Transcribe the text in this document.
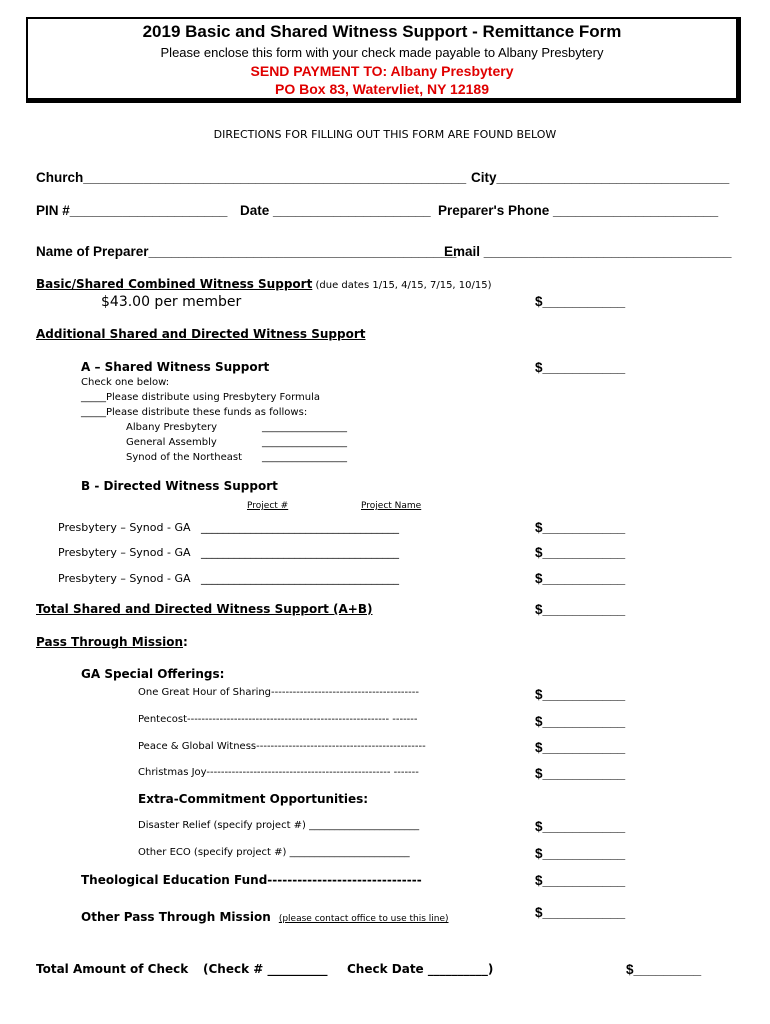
2019 Basic and Shared Witness Support - Remittance Form
Please enclose this form with your check made payable to Albany Presbytery
SEND PAYMENT TO: Albany Presbytery
PO Box 83, Watervliet, NY 12189
DIRECTIONS FOR FILLING OUT THIS FORM ARE FOUND BELOW
Church___________________________________________________ City_______________________________
PIN #_____________________ Date _____________________ Preparer's Phone ______________________
Name of Preparer_________________________________________
Email _________________________________
Basic/Shared Combined Witness Support (due dates 1/15, 4/15, 7/15, 10/15)
$43.00 per member	$___________
Additional Shared and Directed Witness Support
A – Shared Witness Support	$___________
Check one below:
_____Please distribute using Presbytery Formula
_____Please distribute these funds as follows:
Albany Presbytery	_________________
General Assembly	_________________
Synod of the Northeast _________________
B - Directed Witness Support
Project #	Project Name
Presbytery – Synod - GA ____________________________________	$___________
Presbytery – Synod - GA ____________________________________	$___________
Presbytery – Synod - GA ____________________________________	$___________
Total Shared and Directed Witness Support (A+B)	$___________
Pass Through Mission:
GA Special Offerings:
One Great Hour of Sharing-----------------------------------------	$___________
Pentecost-------------------------------------------------------- -------	$___________
Peace & Global Witness-----------------------------------------------	$___________
Christmas Joy--------------------------------------------------- -------	$___________
Extra-Commitment Opportunities:
Disaster Relief (specify project #) ______________________	$___________
Other ECO (specify project #) ________________________	$___________
Theological Education Fund-------------------------------	$___________
Other Pass Through Mission (please contact office to use this line)	$___________
Total Amount of Check (Check # __________ Check Date __________)	$_________
